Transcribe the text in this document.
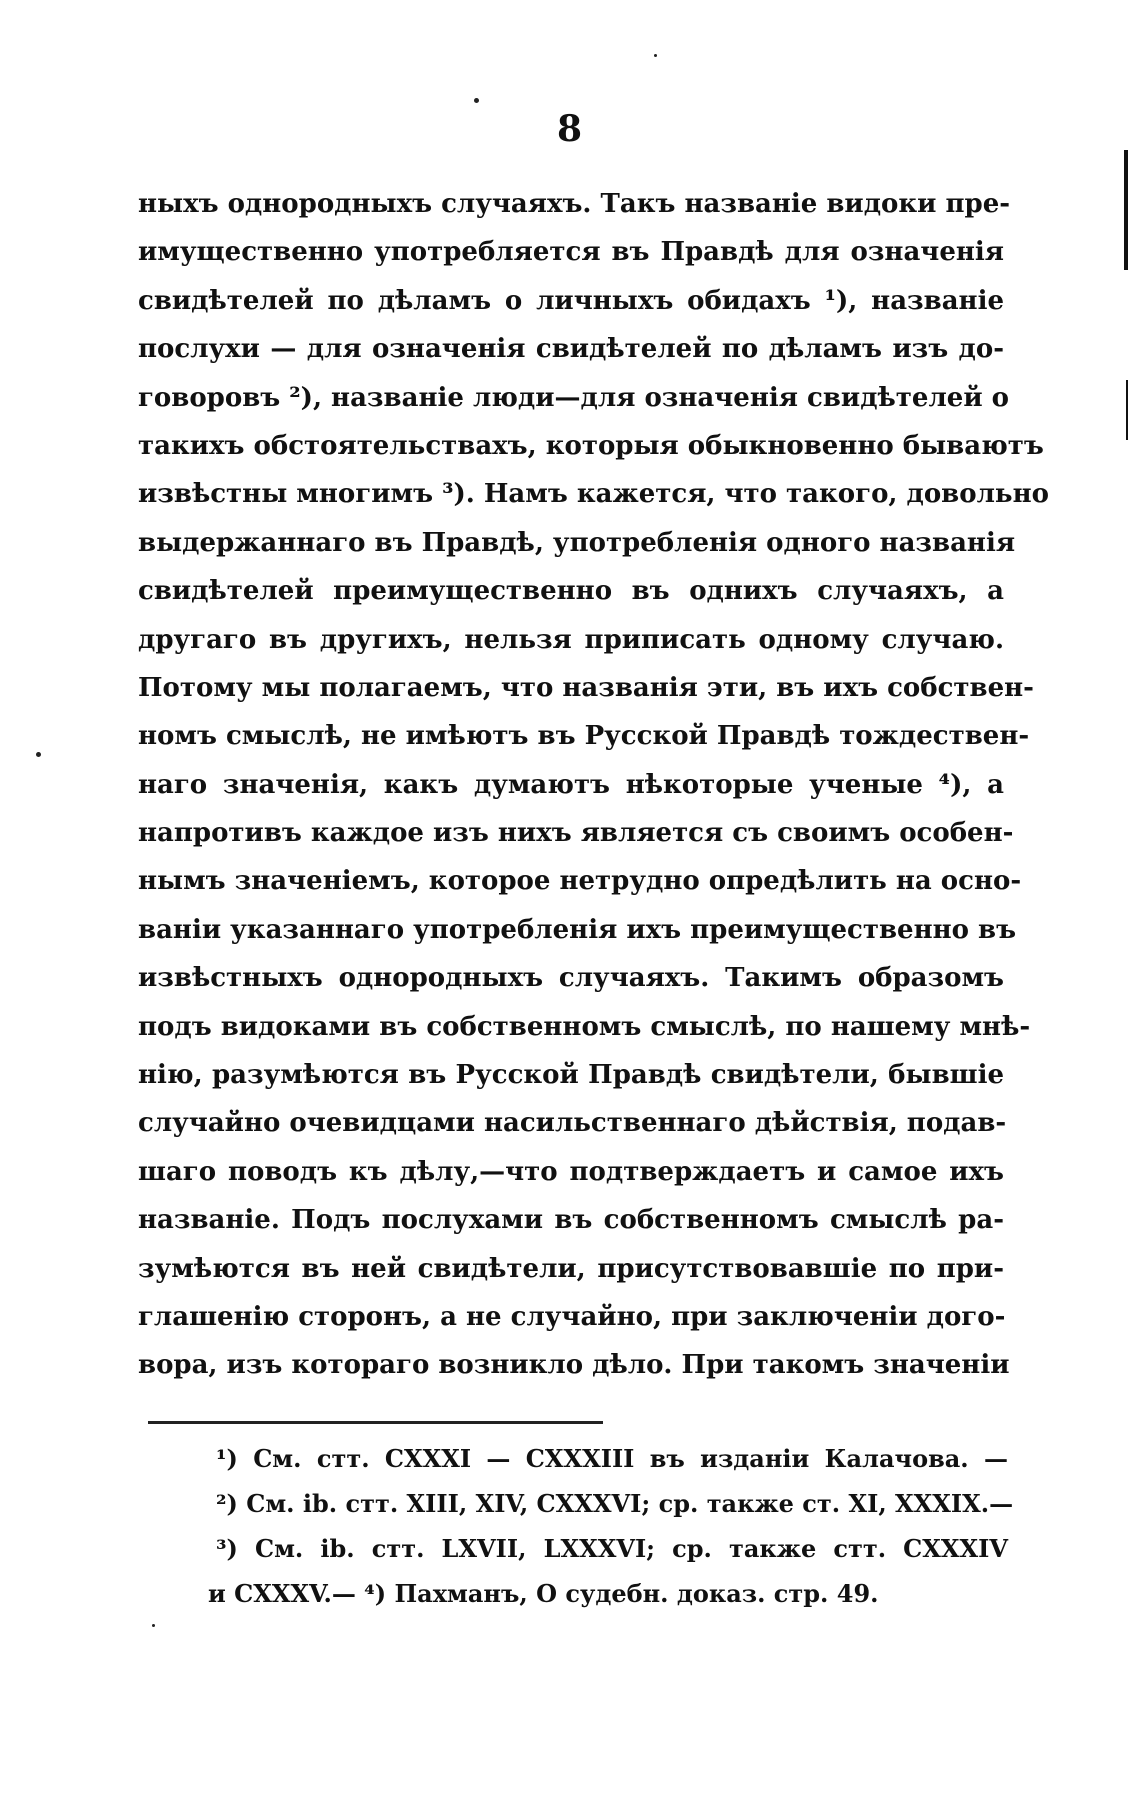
8
ныхъ однородныхъ случаяхъ. Такъ названіе видоки пре-
имущественно употребляется въ Правдѣ для означенія
свидѣтелей по дѣламъ о личныхъ обидахъ ¹), названіе
послухи — для означенія свидѣтелей по дѣламъ изъ до-
говоровъ ²), названіе люди—для означенія свидѣтелей о
такихъ обстоятельствахъ, которыя обыкновенно бываютъ
извѣстны многимъ ³). Намъ кажется, что такого, довольно
выдержаннаго въ Правдѣ, употребленія одного названія
свидѣтелей преимущественно въ однихъ случаяхъ, а
другаго въ другихъ, нельзя приписать одному случаю.
Потому мы полагаемъ, что названія эти, въ ихъ собствен-
номъ смыслѣ, не имѣютъ въ Русской Правдѣ тождествен-
наго значенія, какъ думаютъ нѣкоторые ученые ⁴), а
напротивъ каждое изъ нихъ является съ своимъ особен-
нымъ значеніемъ, которое нетрудно опредѣлить на осно-
ваніи указаннаго употребленія ихъ преимущественно въ
извѣстныхъ однородныхъ случаяхъ. Такимъ образомъ
подъ видоками въ собственномъ смыслѣ, по нашему мнѣ-
нію, разумѣются въ Русской Правдѣ свидѣтели, бывшіе
случайно очевидцами насильственнаго дѣйствія, подав-
шаго поводъ къ дѣлу,—что подтверждаетъ и самое ихъ
названіе. Подъ послухами въ собственномъ смыслѣ ра-
зумѣются въ ней свидѣтели, присутствовавшіе по при-
глашенію сторонъ, а не случайно, при заключеніи дого-
вора, изъ котораго возникло дѣло. При такомъ значеніи
¹) См. стт. CXXXI — CXXXIII въ изданіи Калачова. —
²) См. ib. стт. XIII, XIV, CXXXVI; ср. также ст. XI, XXXIX.—
³) См. ib. стт. LXVII, LXXXVI; ср. также стт. CXXXIV
и CXXXV.— ⁴) Пахманъ, О судебн. доказ. стр. 49.
